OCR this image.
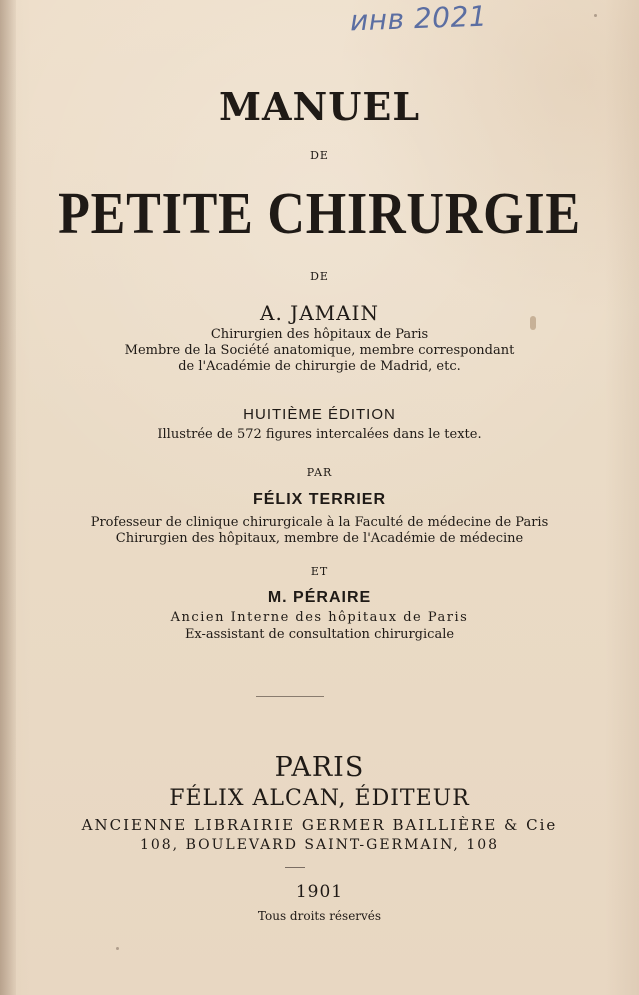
инв 2021
MANUEL
DE
PETITE CHIRURGIE
DE
A. JAMAIN
Chirurgien des hôpitaux de Paris
Membre de la Société anatomique, membre correspondant
de l'Académie de chirurgie de Madrid, etc.
HUITIÈME ÉDITION
Illustrée de 572 figures intercalées dans le texte.
PAR
FÉLIX TERRIER
Professeur de clinique chirurgicale à la Faculté de médecine de Paris
Chirurgien des hôpitaux, membre de l'Académie de médecine
ET
M. PÉRAIRE
Ancien Interne des hôpitaux de Paris
Ex-assistant de consultation chirurgicale
PARIS
FÉLIX ALCAN, ÉDITEUR
ANCIENNE LIBRAIRIE GERMER BAILLIÈRE & Cie
108, BOULEVARD SAINT-GERMAIN, 108
1901
Tous droits réservés
